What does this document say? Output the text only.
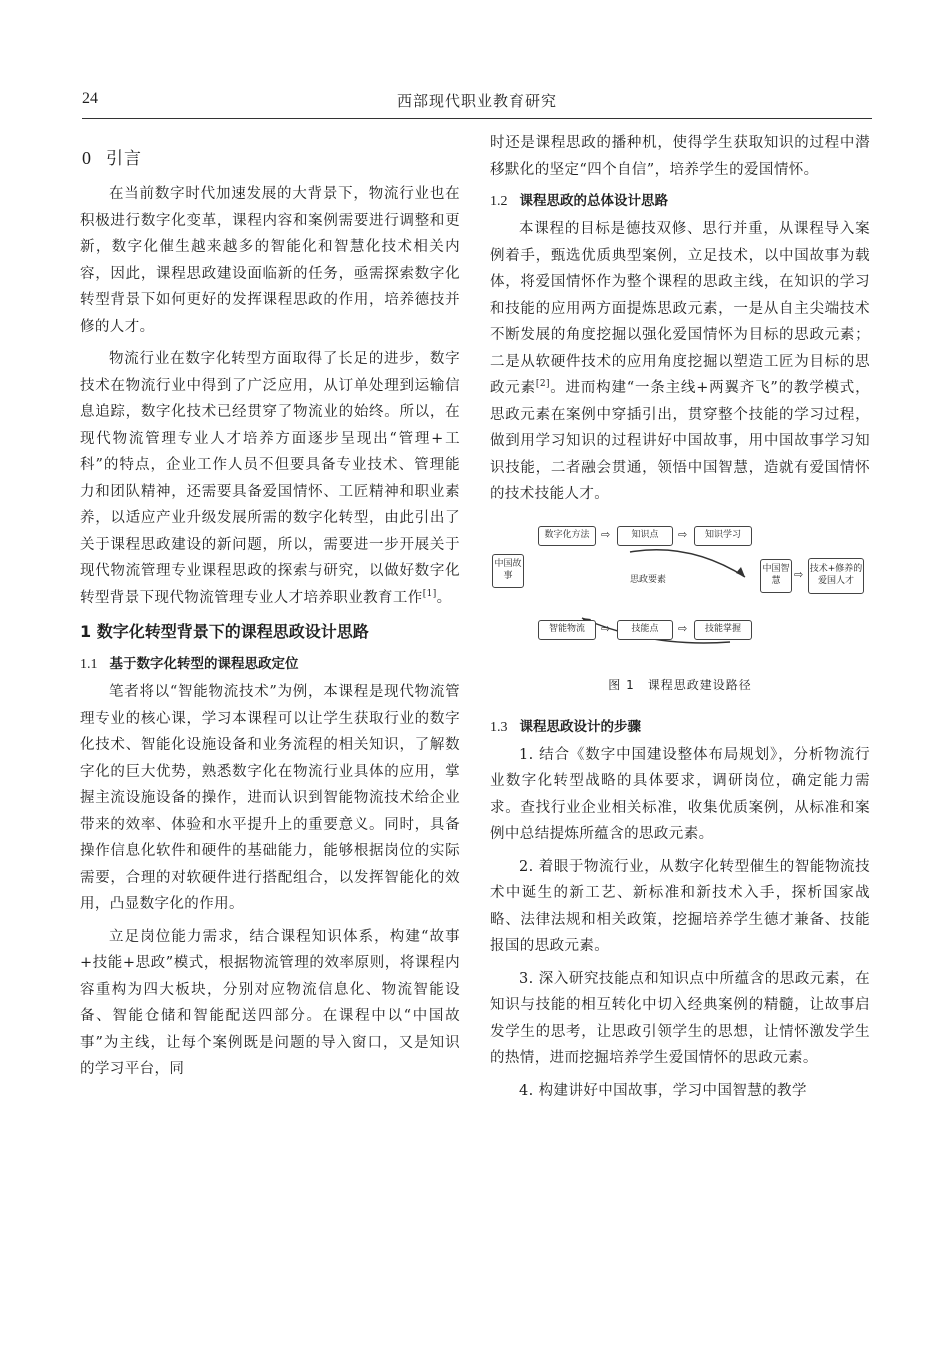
24	西部现代职业教育研究
0 引言

在当前数字时代加速发展的大背景下，物流行业也在积极进行数字化变革，课程内容和案例需要进行调整和更新，数字化催生越来越多的智能化和智慧化技术相关内容，因此，课程思政建设面临新的任务，亟需探索数字化转型背景下如何更好的发挥课程思政的作用，培养德技并修的人才。

物流行业在数字化转型方面取得了长足的进步，数字技术在物流行业中得到了广泛应用，从订单处理到运输信息追踪，数字化技术已经贯穿了物流业的始终。所以，在现代物流管理专业人才培养方面逐步呈现出“管理+工科”的特点，企业工作人员不但要具备专业技术、管理能力和团队精神，还需要具备爱国情怀、工匠精神和职业素养，以适应产业升级发展所需的数字化转型，由此引出了关于课程思政建设的新问题，所以，需要进一步开展关于现代物流管理专业课程思政的探索与研究，以做好数字化转型背景下现代物流管理专业人才培养职业教育工作[1]。

1 数字化转型背景下的课程思政设计思路
1.1 基于数字化转型的课程思政定位

笔者将以“智能物流技术”为例，本课程是现代物流管理专业的核心课，学习本课程可以让学生获取行业的数字化技术、智能化设施设备和业务流程的相关知识，了解数字化的巨大优势，熟悉数字化在物流行业具体的应用，掌握主流设施设备的操作，进而认识到智能物流技术给企业带来的效率、体验和水平提升上的重要意义。同时，具备操作信息化软件和硬件的基础能力，能够根据岗位的实际需要，合理的对软硬件进行搭配组合，以发挥智能化的效用，凸显数字化的作用。

立足岗位能力需求，结合课程知识体系，构建“故事+技能+思政”模式，根据物流管理的效率原则，将课程内容重构为四大板块，分别对应物流信息化、物流智能设备、智能仓储和智能配送四部分。在课程中以“中国故事”为主线，让每个案例既是问题的导入窗口，又是知识的学习平台，同

时还是课程思政的播种机，使得学生获取知识的过程中潜移默化的坚定“四个自信”，培养学生的爱国情怀。

1.2 课程思政的总体设计思路

本课程的目标是德技双修、思行并重，从课程导入案例着手，甄选优质典型案例，立足技术，以中国故事为载体，将爱国情怀作为整个课程的思政主线，在知识的学习和技能的应用两方面提炼思政元素，一是从自主尖端技术不断发展的角度挖掘以强化爱国情怀为目标的思政元素；二是从软硬件技术的应用角度挖掘以塑造工匠为目标的思政元素[2]。进而构建“一条主线+两翼齐飞”的教学模式，思政元素在案例中穿插引出，贯穿整个技能的学习过程，做到用学习知识的过程讲好中国故事，用中国故事学习知识技能，二者融会贯通，领悟中国智慧，造就有爱国情怀的技术技能人才。

数字化方法	⇨	知识点	⇨	知识学习
中国故事	思政要素
中国智慧	⇨ 技术+修养的爱国人才
智能物流	⇨	技能点	⇨	技能掌握
图 1　课程思政建设路径
1.3 课程思政设计的步骤

1. 结合《数字中国建设整体布局规划》，分析物流行业数字化转型战略的具体要求，调研岗位，确定能力需求。查找行业企业相关标准，收集优质案例，从标准和案例中总结提炼所蕴含的思政元素。

2. 着眼于物流行业，从数字化转型催生的智能物流技术中诞生的新工艺、新标准和新技术入手，探析国家战略、法律法规和相关政策，挖掘培养学生德才兼备、技能报国的思政元素。

3. 深入研究技能点和知识点中所蕴含的思政元素，在知识与技能的相互转化中切入经典案例的精髓，让故事启发学生的思考，让思政引领学生的思想，让情怀激发学生的热情，进而挖掘培养学生爱国情怀的思政元素。

4. 构建讲好中国故事，学习中国智慧的教学
